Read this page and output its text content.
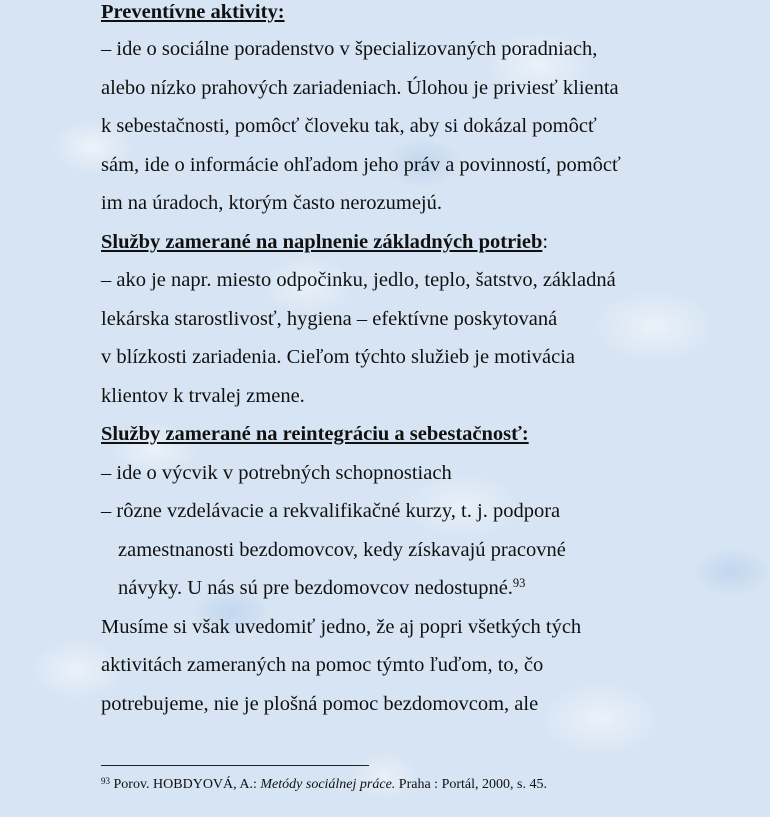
Preventívne aktivity:
– ide o sociálne poradenstvo v špecializovaných poradniach,
alebo nízko prahových zariadeniach. Úlohou je priviesť klienta
k sebestačnosti, pomôcť človeku tak, aby si dokázal pomôcť
sám, ide o informácie ohľadom jeho práv a povinností, pomôcť
im na úradoch, ktorým často nerozumejú.
Služby zamerané na naplnenie základných potrieb:
– ako je napr. miesto odpočinku, jedlo, teplo, šatstvo, základná
lekárska starostlivosť, hygiena – efektívne poskytovaná
v blízkosti zariadenia. Cieľom týchto služieb je motivácia
klientov k trvalej zmene.
Služby zamerané na reintegráciu a sebestačnosť:
– ide o výcvik v potrebných schopnostiach
– rôzne vzdelávacie a rekvalifikačné kurzy, t. j. podpora
zamestnanosti bezdomovcov, kedy získavajú pracovné
návyky. U nás sú pre bezdomovcov nedostupné.$^{93}$
Musíme si však uvedomiť jedno, že aj popri všetkých tých
aktivitách zameraných na pomoc týmto ľuďom, to, čo
potrebujeme, nie je plošná pomoc bezdomovcom, ale
$^{93}$ Porov. HOBDYOVÁ, A.: Metódy sociálnej práce. Praha : Portál, 2000, s. 45.
